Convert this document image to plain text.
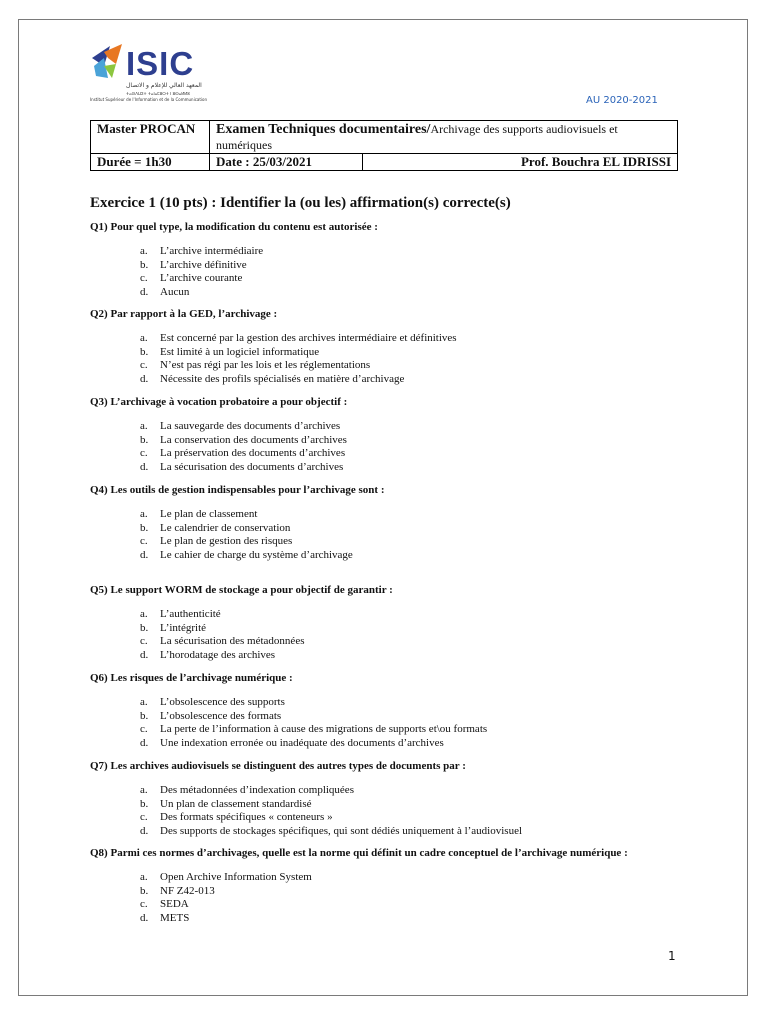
ISIC
المعهد العالي للإعلام و الاتصال
ⵜⴰⵙⴷⵡⵉⵜ ⵜⴰⵏⴰⵎⵓⵔⵜ ⵏ ⵓⵙⴰⵍⵍⵓ
Institut Supérieur de l'Information et de la Communication	AU 2020-2021
Master PROCAN	Examen Techniques documentaires/Archivage des supports audiovisuels et numériques	
Durée = 1h30	Date : 25/03/2021	Prof. Bouchra EL IDRISSI
Exercice 1 (10 pts) : Identifier la (ou les) affirmation(s) correcte(s)
Q1) Pour quel type, la modification du contenu est autorisée :
a. L’archive intermédiaire
b. L’archive définitive
c. L’archive courante
d. Aucun
Q2) Par rapport à la GED, l’archivage :
a. Est concerné par la gestion des archives intermédiaire et définitives
b. Est limité à un logiciel informatique
c. N’est pas régi par les lois et les réglementations
d. Nécessite des profils spécialisés en matière d’archivage
Q3) L’archivage à vocation probatoire a pour objectif :
a. La sauvegarde des documents d’archives
b. La conservation des documents d’archives
c. La préservation des documents d’archives
d. La sécurisation des documents d’archives
Q4) Les outils de gestion indispensables pour l’archivage sont :
a. Le plan de classement
b. Le calendrier de conservation
c. Le plan de gestion des risques
d. Le cahier de charge du système d’archivage
Q5) Le support WORM de stockage a pour objectif de garantir :
a. L’authenticité
b. L’intégrité
c. La sécurisation des métadonnées
d. L’horodatage des archives
Q6) Les risques de l’archivage numérique :
a. L’obsolescence des supports
b. L’obsolescence des formats
c. La perte de l’information à cause des migrations de supports et\ou formats
d. Une indexation erronée ou inadéquate des documents d’archives
Q7) Les archives audiovisuels se distinguent des autres types de documents par :
a. Des métadonnées d’indexation compliquées
b. Un plan de classement standardisé
c. Des formats spécifiques « conteneurs »
d. Des supports de stockages spécifiques, qui sont dédiés uniquement à l’audiovisuel
Q8) Parmi ces normes d’archivages, quelle est la norme qui définit un cadre conceptuel de l’archivage numérique :
a. Open Archive Information System
b. NF Z42-013
c. SEDA
d. METS
1
